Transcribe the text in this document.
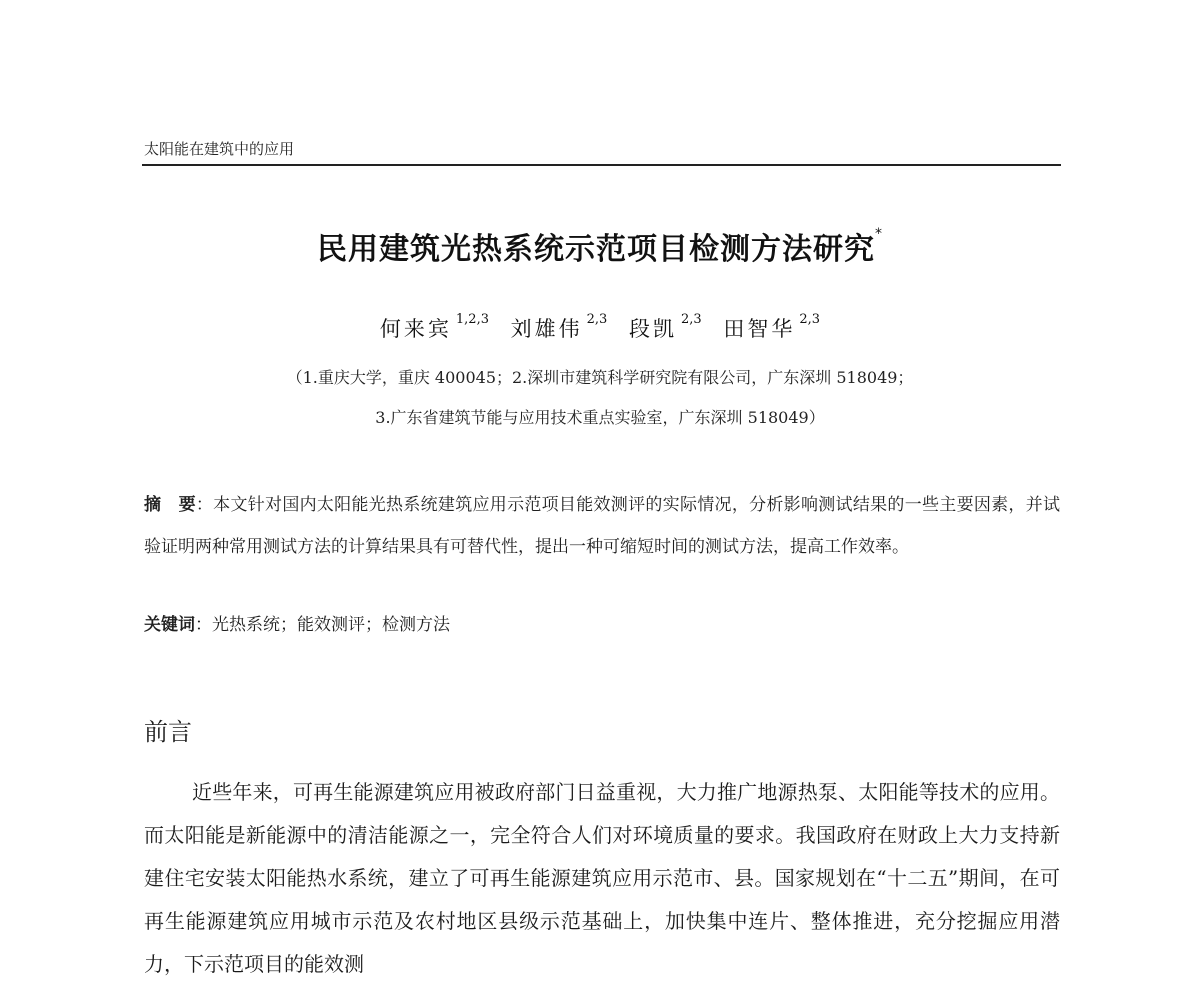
太阳能在建筑中的应用
民用建筑光热系统示范项目检测方法研究*
何来宾 $^{1,2,3}$ 刘雄伟 $^{2,3}$ 段凯 $^{2,3}$ 田智华 $^{2,3}$
（1.重庆大学，重庆 400045；2.深圳市建筑科学研究院有限公司，广东深圳 518049；
3.广东省建筑节能与应用技术重点实验室，广东深圳 518049）
摘　要：本文针对国内太阳能光热系统建筑应用示范项目能效测评的实际情况，分析影响测试结果的一些主要因素，并试验证明两种常用测试方法的计算结果具有可替代性，提出一种可缩短时间的测试方法，提高工作效率。
关键词：光热系统；能效测评；检测方法
前言
近些年来，可再生能源建筑应用被政府部门日益重视，大力推广地源热泵、太阳能等技术的应用。而太阳能是新能源中的清洁能源之一，完全符合人们对环境质量的要求。我国政府在财政上大力支持新建住宅安装太阳能热水系统，建立了可再生能源建筑应用示范市、县。国家规划在“十二五”期间，在可再生能源建筑应用城市示范及农村地区县级示范基础上，加快集中连片、整体推进，充分挖掘应用潜力，下示范项目的能效测
